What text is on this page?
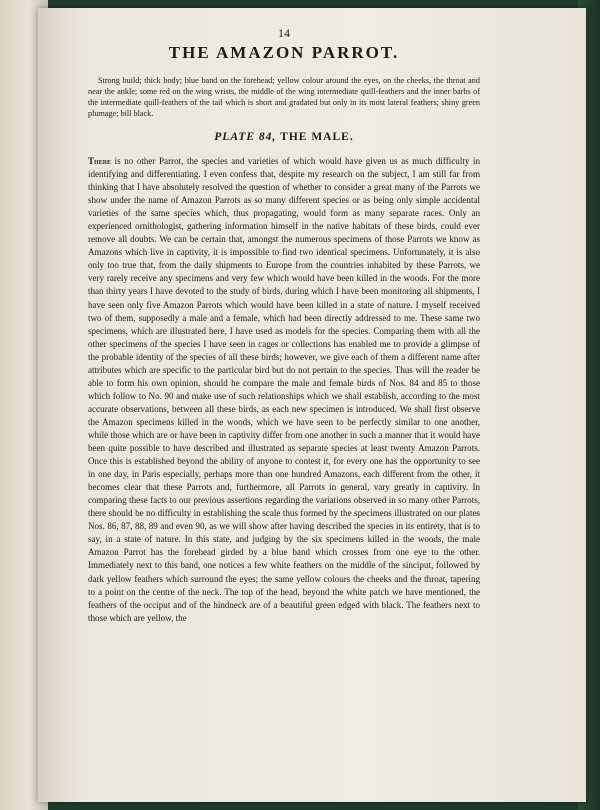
14
THE AMAZON PARROT.

Strong build; thick body; blue band on the forehead; yellow colour around the eyes, on the cheeks, the throat and near the ankle; some red on the wing wrists, the middle of the wing intermediate quill-feathers and the inner barbs of the intermediate quill-feathers of the tail which is short and gradated but only in its most lateral feathers; shiny green plumage; bill black.

PLATE 84, THE MALE.

There is no other Parrot, the species and varieties of which would have given us as much difficulty in identifying and differentiating. I even confess that, despite my research on the subject, I am still far from thinking that I have absolutely resolved the question of whether to consider a great many of the Parrots we show under the name of Amazon Parrots as so many different species or as being only simple accidental varieties of the same species which, thus propagating, would form as many separate races. Only an experienced ornithologist, gathering information himself in the native habitats of these birds, could ever remove all doubts. We can be certain that, amongst the numerous specimens of those Parrots we know as Amazons which live in captivity, it is impossible to find two identical specimens. Unfortunately, it is also only too true that, from the daily shipments to Europe from the countries inhabited by these Parrots, we very rarely receive any specimens and very few which would have been killed in the woods. For the more than thirty years I have devoted to the study of birds, during which I have been monitoring all shipments, I have seen only five Amazon Parrots which would have been killed in a state of nature. I myself received two of them, supposedly a male and a female, which had been directly addressed to me. These same two specimens, which are illustrated here, I have used as models for the species. Comparing them with all the other specimens of the species I have seen in cages or collections has enabled me to provide a glimpse of the probable identity of the species of all these birds; however, we give each of them a different name after attributes which are specific to the particular bird but do not pertain to the species. Thus will the reader be able to form his own opinion, should he compare the male and female birds of Nos. 84 and 85 to those which follow to No. 90 and make use of such relationships which we shall establish, according to the most accurate observations, between all these birds, as each new specimen is introduced. We shall first observe the Amazon specimens killed in the woods, which we have seen to be perfectly similar to one another, while those which are or have been in captivity differ from one another in such a manner that it would have been quite possible to have described and illustrated as separate species at least twenty Amazon Parrots. Once this is established beyond the ability of anyone to contest it, for every one has the opportunity to see in one day, in Paris especially, perhaps more than one hundred Amazons, each different from the other, it becomes clear that these Parrots and, furthermore, all Parrots in general, vary greatly in captivity. In comparing these facts to our previous assertions regarding the variations observed in so many other Parrots, there should be no difficulty in establishing the scale thus formed by the specimens illustrated on our plates Nos. 86, 87, 88, 89 and even 90, as we will show after having described the species in its entirety, that is to say, in a state of nature. In this state, and judging by the six specimens killed in the woods, the male Amazon Parrot has the forehead girded by a blue band which crosses from one eye to the other. Immediately next to this band, one notices a few white feathers on the middle of the sinciput, followed by dark yellow feathers which surround the eyes; the same yellow colours the cheeks and the throat, tapering to a point on the centre of the neck. The top of the head, beyond the white patch we have mentioned, the feathers of the occiput and of the hindneck are of a beautiful green edged with black. The feathers next to those which are yellow, the
